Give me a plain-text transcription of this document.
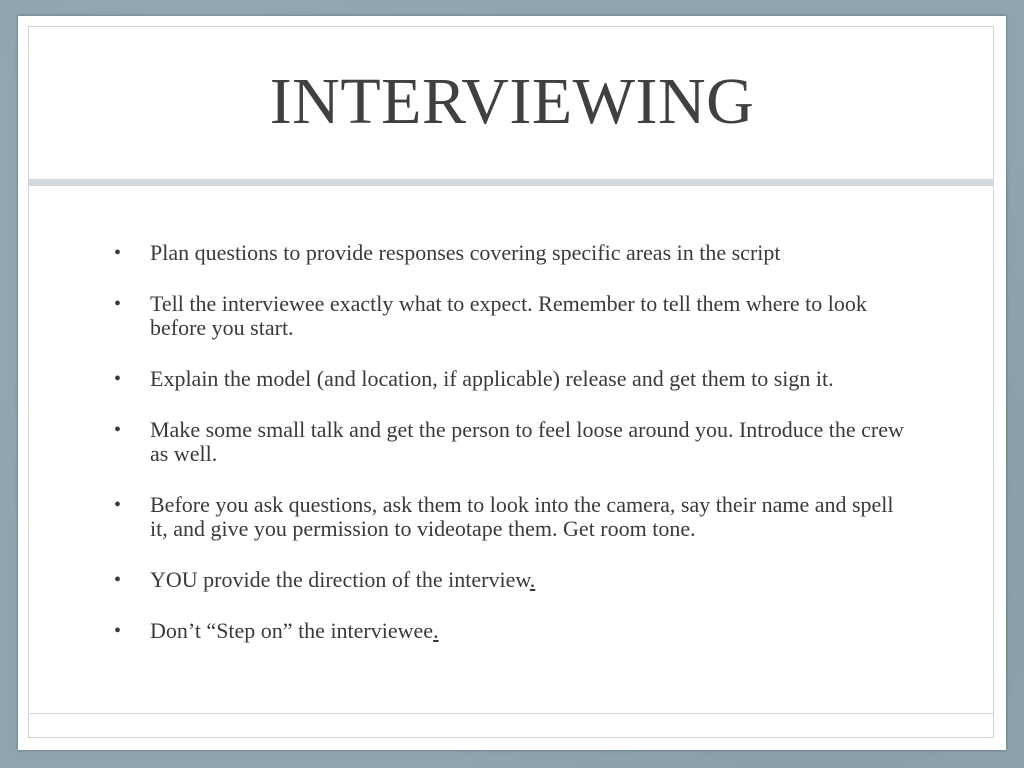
INTERVIEWING
• Plan questions to provide responses covering specific areas in the script
• Tell the interviewee exactly what to expect. Remember to tell them where to look before you start.
• Explain the model (and location, if applicable) release and get them to sign it.
• Make some small talk and get the person to feel loose around you. Introduce the crew as well.
• Before you ask questions, ask them to look into the camera, say their name and spell it, and give you permission to videotape them. Get room tone.
• YOU provide the direction of the interview.
• Don’t “Step on” the interviewee.
